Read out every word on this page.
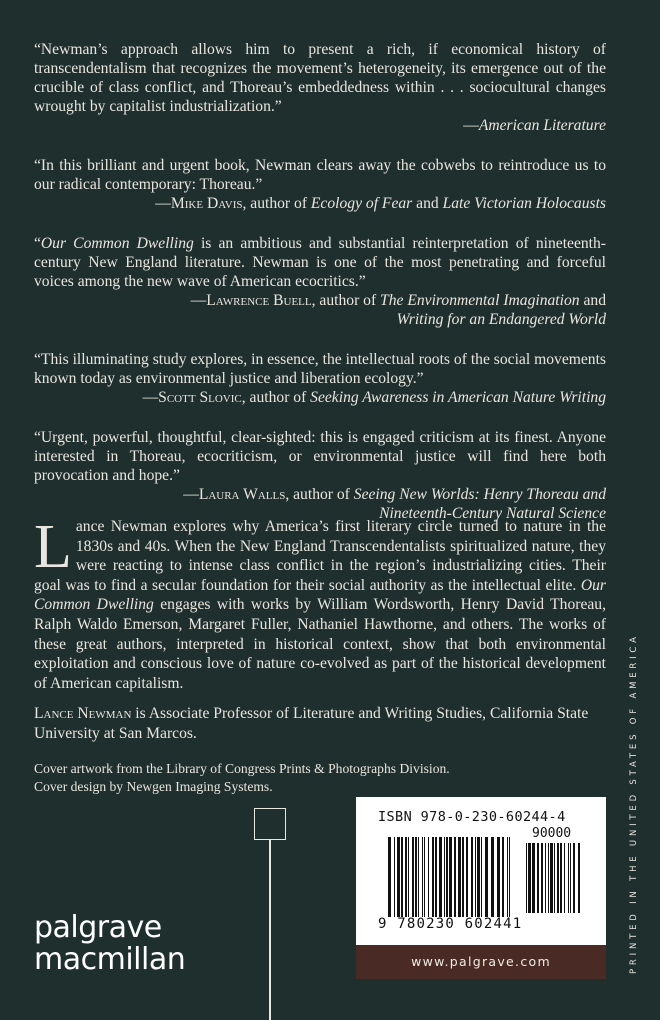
“Newman’s approach allows him to present a rich, if economical history of transcendentalism that recognizes the movement’s heterogeneity, its emergence out of the crucible of class conflict, and Thoreau’s embeddedness within . . . sociocultural changes wrought by capitalist industrialization.”

—American Literature

“In this brilliant and urgent book, Newman clears away the cobwebs to reintroduce us to our radical contemporary: Thoreau.”

—Mike Davis, author of Ecology of Fear and Late Victorian Holocausts

“Our Common Dwelling is an ambitious and substantial reinterpretation of nineteenth-century New England literature. Newman is one of the most penetrating and forceful voices among the new wave of American ecocritics.”

—Lawrence Buell, author of The Environmental Imagination and

Writing for an Endangered World

“This illuminating study explores, in essence, the intellectual roots of the social movements known today as environmental justice and liberation ecology.”

—Scott Slovic, author of Seeking Awareness in American Nature Writing

“Urgent, powerful, thoughtful, clear-sighted: this is engaged criticism at its finest. Anyone interested in Thoreau, ecocriticism, or environmental justice will find here both provocation and hope.”

—Laura Walls, author of Seeing New Worlds: Henry Thoreau and

Nineteenth-Century Natural Science

Lance Newman explores why America’s first literary circle turned to nature in the 1830s and 40s. When the New England Transcendentalists spiritualized nature, they were reacting to intense class conflict in the region’s industrializing cities. Their goal was to find a secular foundation for their social authority as the intellectual elite. Our Common Dwelling engages with works by William Wordsworth, Henry David Thoreau, Ralph Waldo Emerson, Margaret Fuller, Nathaniel Hawthorne, and others. The works of these great authors, interpreted in historical context, show that both environmental exploitation and conscious love of nature co-evolved as part of the historical development of American capitalism.

Lance Newman is Associate Professor of Literature and Writing Studies, California State University at San Marcos.

Cover artwork from the Library of Congress Prints & Photographs Division.
Cover design by Newgen Imaging Systems.
palgrave
macmillan
ISBN 978-0-230-60244-4
90000
9 780230 602441
www.palgrave.com	PRINTED IN THE UNITED STATES OF AMERICA
